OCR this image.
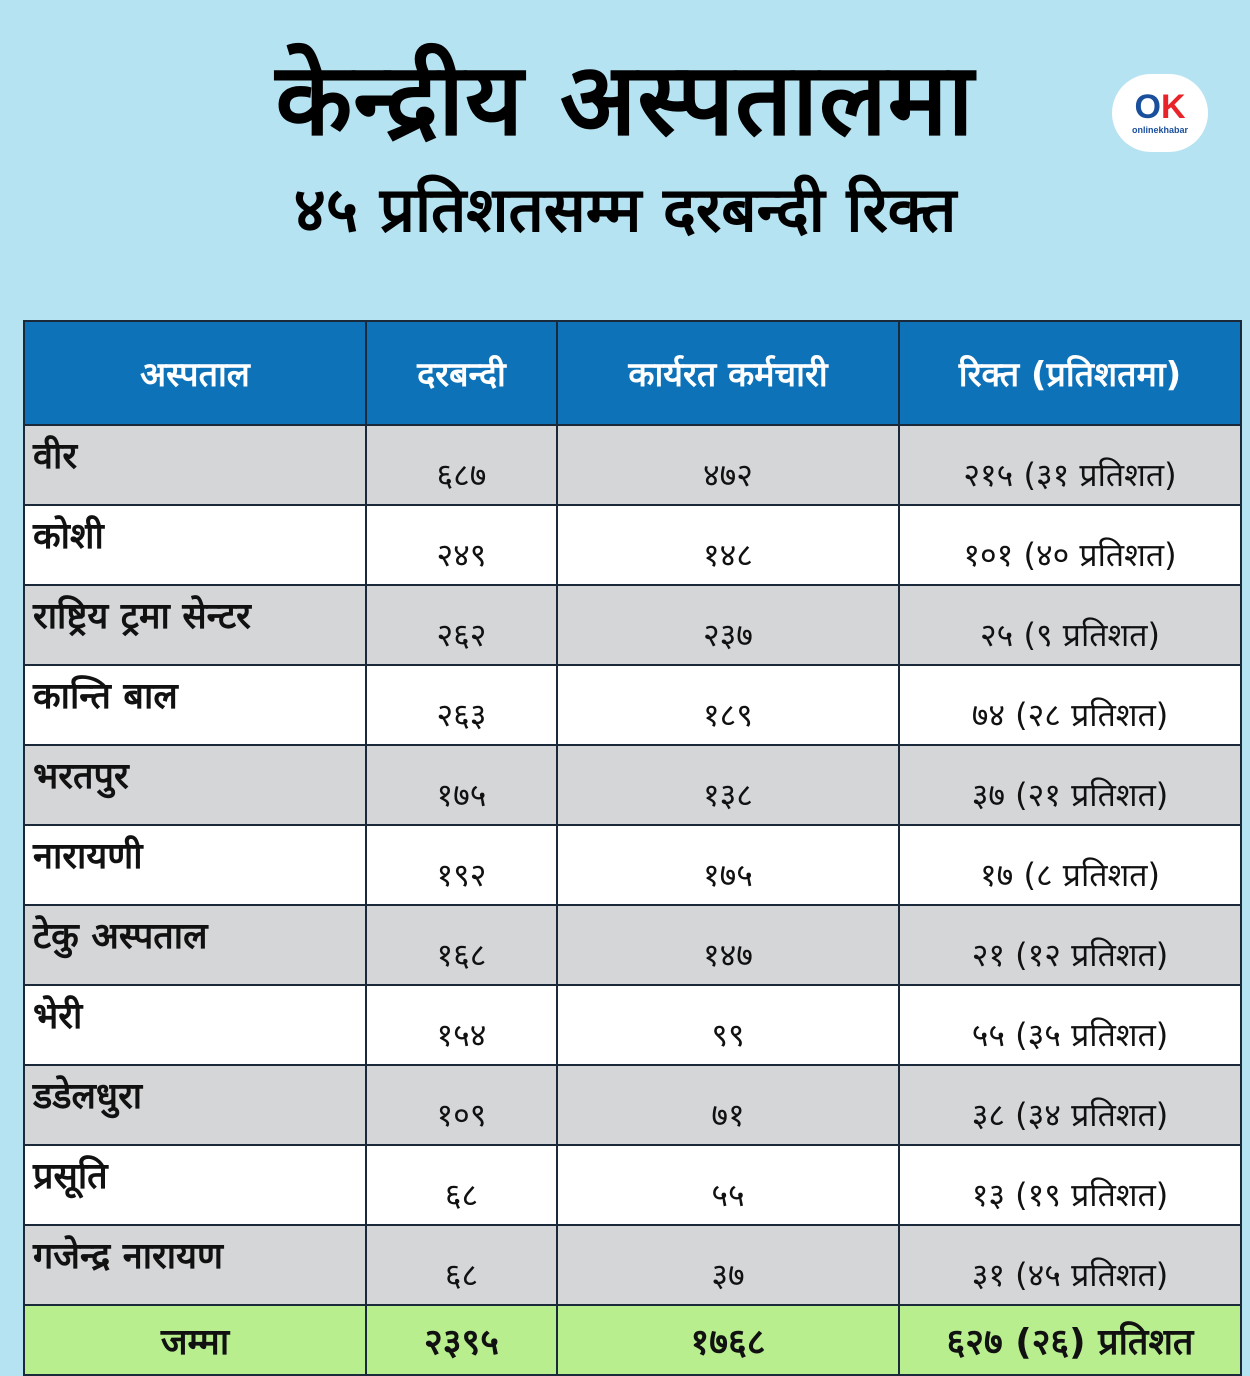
केन्द्रीय अस्पतालमा
४५ प्रतिशतसम्म दरबन्दी रिक्त
OK
onlinekhabar
अस्पताल	दरबन्दी	कार्यरत कर्मचारी	रिक्त (प्रतिशतमा)
वीर	६८७	४७२	२१५ (३१ प्रतिशत)
कोशी	२४९	१४८	१०१ (४० प्रतिशत)
राष्ट्रिय ट्रमा सेन्टर	२६२	२३७	२५ (९ प्रतिशत)
कान्ति बाल	२६३	१८९	७४ (२८ प्रतिशत)
भरतपुर	१७५	१३८	३७ (२१ प्रतिशत)
नारायणी	१९२	१७५	१७ (८ प्रतिशत)
टेकु अस्पताल	१६८	१४७	२१ (१२ प्रतिशत)
भेरी	१५४	९९	५५ (३५ प्रतिशत)
डडेलधुरा	१०९	७१	३८ (३४ प्रतिशत)
प्रसूति	६८	५५	१३ (१९ प्रतिशत)
गजेन्द्र नारायण	६८	३७	३१ (४५ प्रतिशत)
जम्मा	२३९५	१७६८	६२७ (२६) प्रतिशत
